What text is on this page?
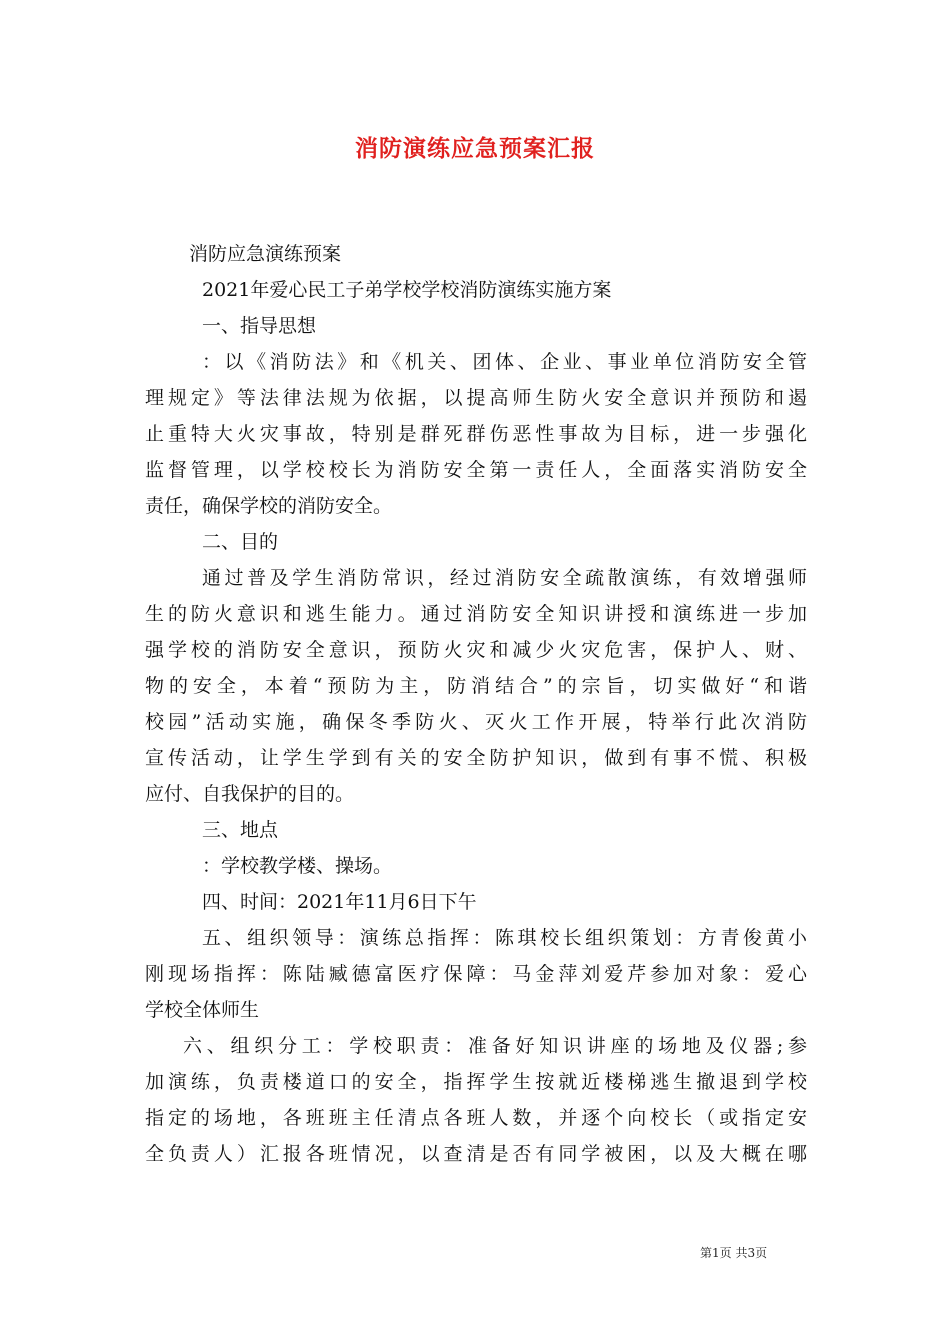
消防演练应急预案汇报
消防应急演练预案
2021年爱心民工子弟学校学校消防演练实施方案
一、指导思想
：以《消防法》和《机关、团体、企业、事业单位消防安全管
理规定》等法律法规为依据，以提高师生防火安全意识并预防和遏
止重特大火灾事故，特别是群死群伤恶性事故为目标，进一步强化
监督管理，以学校校长为消防安全第一责任人，全面落实消防安全
责任，确保学校的消防安全。
二、目的
通过普及学生消防常识，经过消防安全疏散演练，有效增强师
生的防火意识和逃生能力。通过消防安全知识讲授和演练进一步加
强学校的消防安全意识，预防火灾和减少火灾危害，保护人、财、
物的安全，本着“预防为主，防消结合”的宗旨，切实做好“和谐
校园”活动实施，确保冬季防火、灭火工作开展，特举行此次消防
宣传活动，让学生学到有关的安全防护知识，做到有事不慌、积极
应付、自我保护的目的。
三、地点
：学校教学楼、操场。
四、时间：2021年11月6日下午
五、组织领导：演练总指挥：陈琪校长组织策划：方青俊黄小
刚现场指挥：陈陆臧德富医疗保障：马金萍刘爱芹参加对象：爱心
学校全体师生
六、组织分工：学校职责：准备好知识讲座的场地及仪器;参
加演练，负责楼道口的安全，指挥学生按就近楼梯逃生撤退到学校
指定的场地，各班班主任清点各班人数，并逐个向校长（或指定安
全负责人）汇报各班情况，以查清是否有同学被困，以及大概在哪
第1页 共3页
